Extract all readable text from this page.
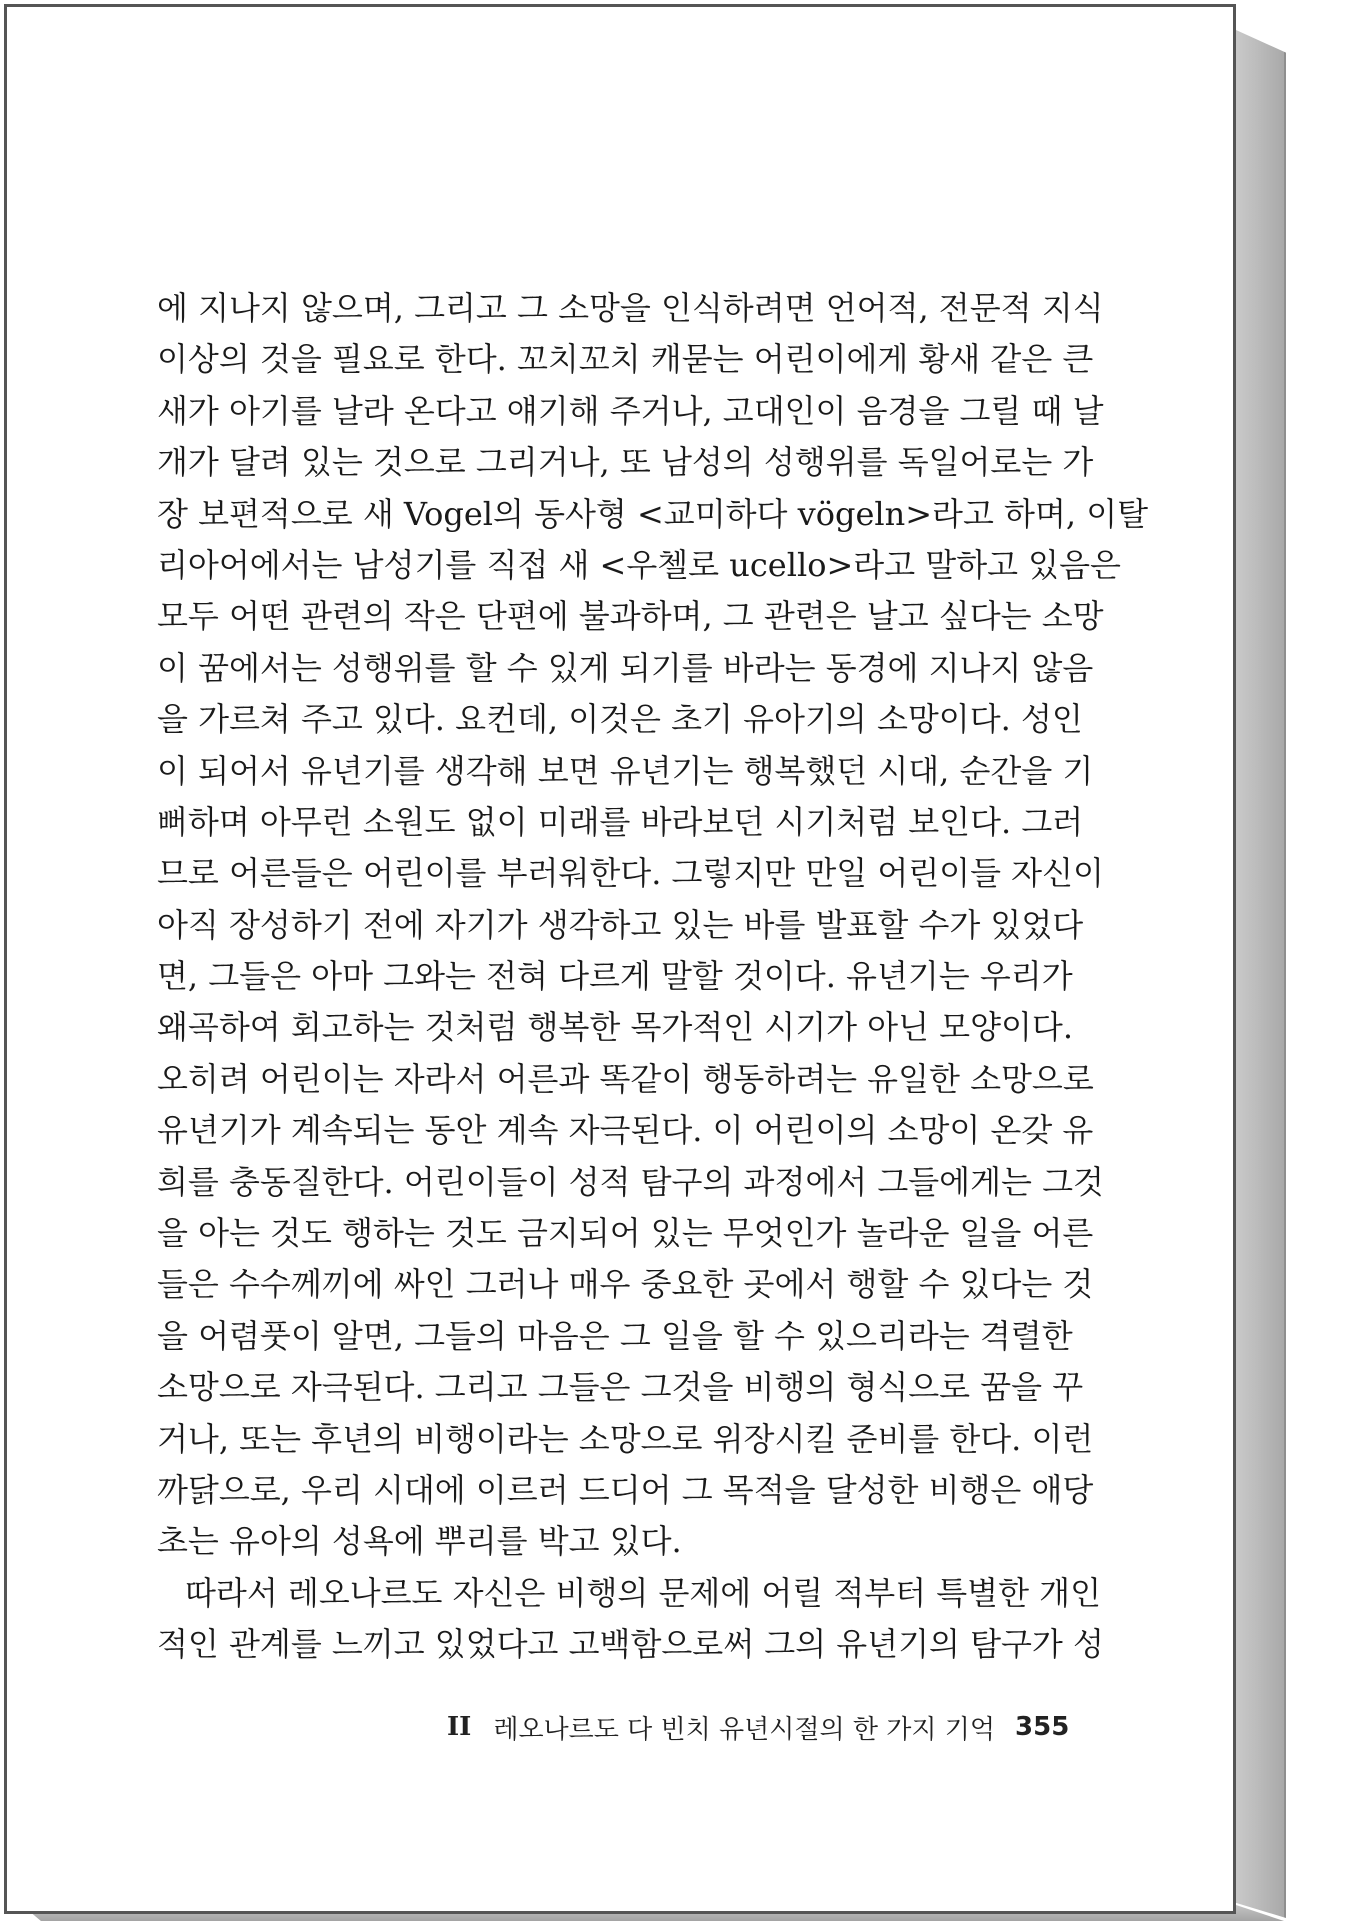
에 지나지 않으며, 그리고 그 소망을 인식하려면 언어적, 전문적 지식
이상의 것을 필요로 한다. 꼬치꼬치 캐묻는 어린이에게 황새 같은 큰
새가 아기를 날라 온다고 얘기해 주거나, 고대인이 음경을 그릴 때 날
개가 달려 있는 것으로 그리거나, 또 남성의 성행위를 독일어로는 가
장 보편적으로 새 Vogel의 동사형 <교미하다 vögeln>라고 하며, 이탈
리아어에서는 남성기를 직접 새 <우첼로 ucello>라고 말하고 있음은
모두 어떤 관련의 작은 단편에 불과하며, 그 관련은 날고 싶다는 소망
이 꿈에서는 성행위를 할 수 있게 되기를 바라는 동경에 지나지 않음
을 가르쳐 주고 있다. 요컨데, 이것은 초기 유아기의 소망이다. 성인
이 되어서 유년기를 생각해 보면 유년기는 행복했던 시대, 순간을 기
뻐하며 아무런 소원도 없이 미래를 바라보던 시기처럼 보인다. 그러
므로 어른들은 어린이를 부러워한다. 그렇지만 만일 어린이들 자신이
아직 장성하기 전에 자기가 생각하고 있는 바를 발표할 수가 있었다
면, 그들은 아마 그와는 전혀 다르게 말할 것이다. 유년기는 우리가
왜곡하여 회고하는 것처럼 행복한 목가적인 시기가 아닌 모양이다.
오히려 어린이는 자라서 어른과 똑같이 행동하려는 유일한 소망으로
유년기가 계속되는 동안 계속 자극된다. 이 어린이의 소망이 온갖 유
희를 충동질한다. 어린이들이 성적 탐구의 과정에서 그들에게는 그것
을 아는 것도 행하는 것도 금지되어 있는 무엇인가 놀라운 일을 어른
들은 수수께끼에 싸인 그러나 매우 중요한 곳에서 행할 수 있다는 것
을 어렴풋이 알면, 그들의 마음은 그 일을 할 수 있으리라는 격렬한
소망으로 자극된다. 그리고 그들은 그것을 비행의 형식으로 꿈을 꾸
거나, 또는 후년의 비행이라는 소망으로 위장시킬 준비를 한다. 이런
까닭으로, 우리 시대에 이르러 드디어 그 목적을 달성한 비행은 애당
초는 유아의 성욕에 뿌리를 박고 있다.
따라서 레오나르도 자신은 비행의 문제에 어릴 적부터 특별한 개인
적인 관계를 느끼고 있었다고 고백함으로써 그의 유년기의 탐구가 성
II 레오나르도 다 빈치 유년시절의 한 가지 기억 355
